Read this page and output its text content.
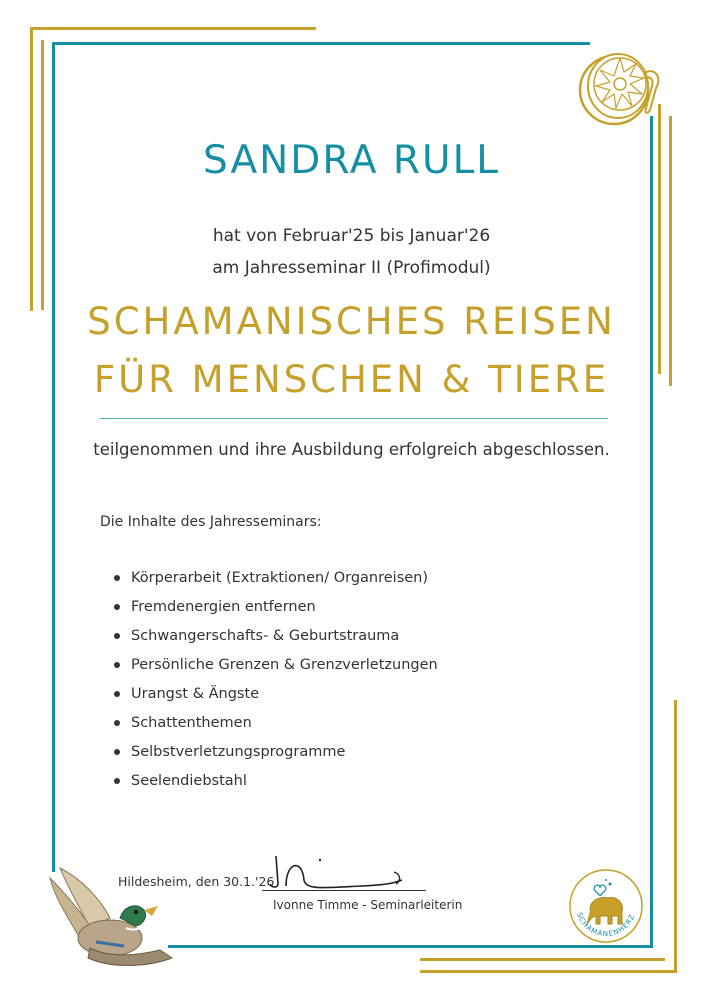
SANDRA RULL
hat von Februar'25 bis Januar'26
am Jahresseminar II (Profimodul)
SCHAMANISCHES REISEN
FÜR MENSCHEN & TIERE
teilgenommen und ihre Ausbildung erfolgreich abgeschlossen.
Die Inhalte des Jahresseminars:
Körperarbeit (Extraktionen/ Organreisen)
Fremdenergien entfernen
Schwangerschafts- & Geburtstrauma
Persönliche Grenzen & Grenzverletzungen
Urangst & Ängste
Schattenthemen
Selbstverletzungsprogramme
Seelendiebstahl
Hildesheim, den 30.1.'26
Ivonne Timme - Seminarleiterin
SCHAMANENHERZ
